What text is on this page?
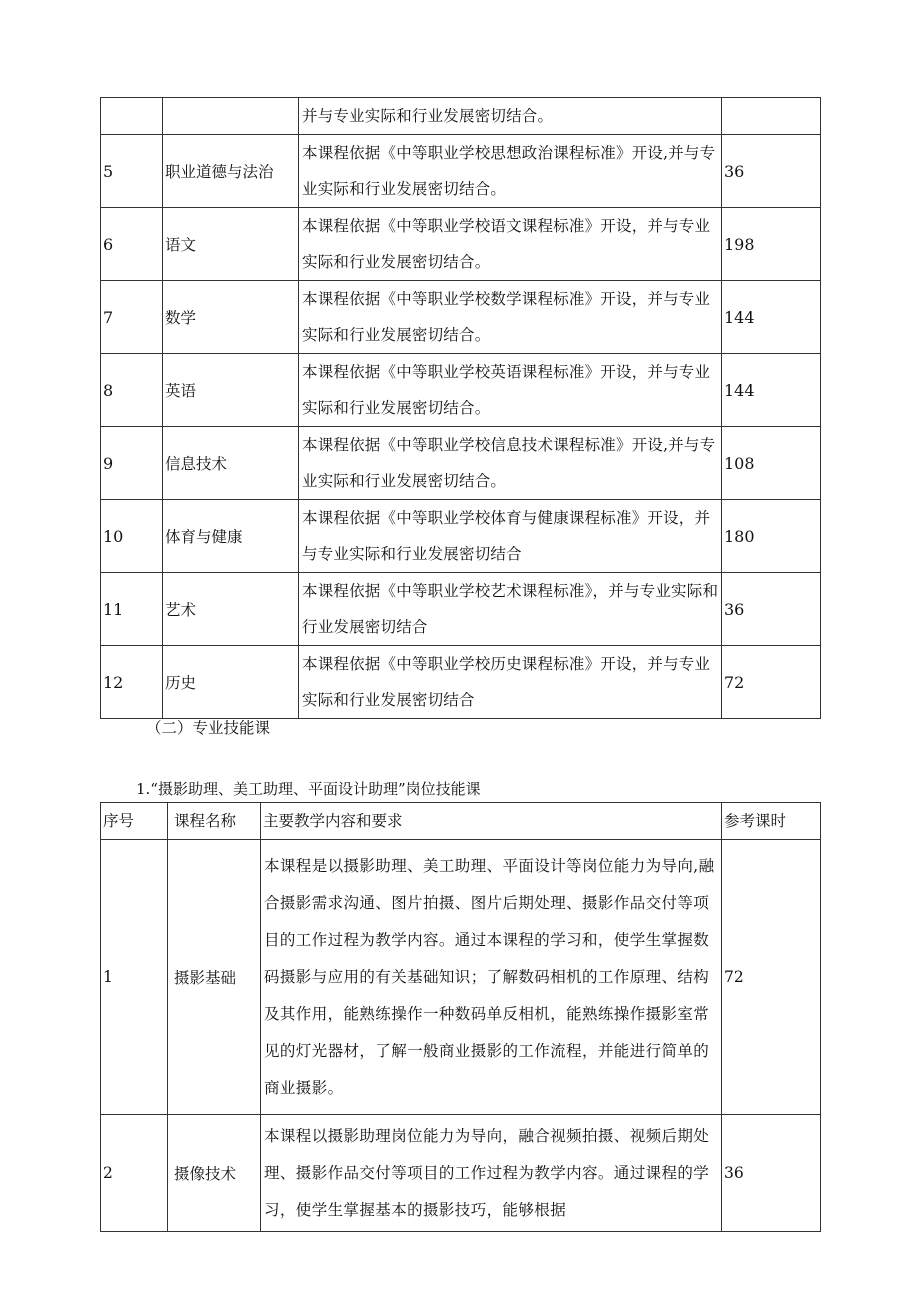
		并与专业实际和行业发展密切结合。	
5	职业道德与法治	本课程依据《中等职业学校思想政治课程标准》开设,并与专业实际和行业发展密切结合。	36
6	语文	本课程依据《中等职业学校语文课程标准》开设，并与专业实际和行业发展密切结合。	198
7	数学	本课程依据《中等职业学校数学课程标准》开设，并与专业实际和行业发展密切结合。	144
8	英语	本课程依据《中等职业学校英语课程标准》开设，并与专业实际和行业发展密切结合。	144
9	信息技术	本课程依据《中等职业学校信息技术课程标准》开设,并与专业实际和行业发展密切结合。	108
10	体育与健康	本课程依据《中等职业学校体育与健康课程标准》开设，并与专业实际和行业发展密切结合	180
11	艺术	本课程依据《中等职业学校艺术课程标准》，并与专业实际和行业发展密切结合	36
12	历史	本课程依据《中等职业学校历史课程标准》开设，并与专业实际和行业发展密切结合	72
（二）专业技能课
1.“摄影助理、美工助理、平面设计助理”岗位技能课
序号	课程名称	主要教学内容和要求	参考课时
1	摄影基础	本课程是以摄影助理、美工助理、平面设计等岗位能力为导向,融合摄影需求沟通、图片拍摄、图片后期处理、摄影作品交付等项目的工作过程为教学内容。通过本课程的学习和，使学生掌握数码摄影与应用的有关基础知识；了解数码相机的工作原理、结构及其作用，能熟练操作一种数码单反相机，能熟练操作摄影室常见的灯光器材，了解一般商业摄影的工作流程，并能进行简单的商业摄影。	72
2	摄像技术	本课程以摄影助理岗位能力为导向，融合视频拍摄、视频后期处理、摄影作品交付等项目的工作过程为教学内容。通过课程的学习，使学生掌握基本的摄影技巧，能够根据	36
